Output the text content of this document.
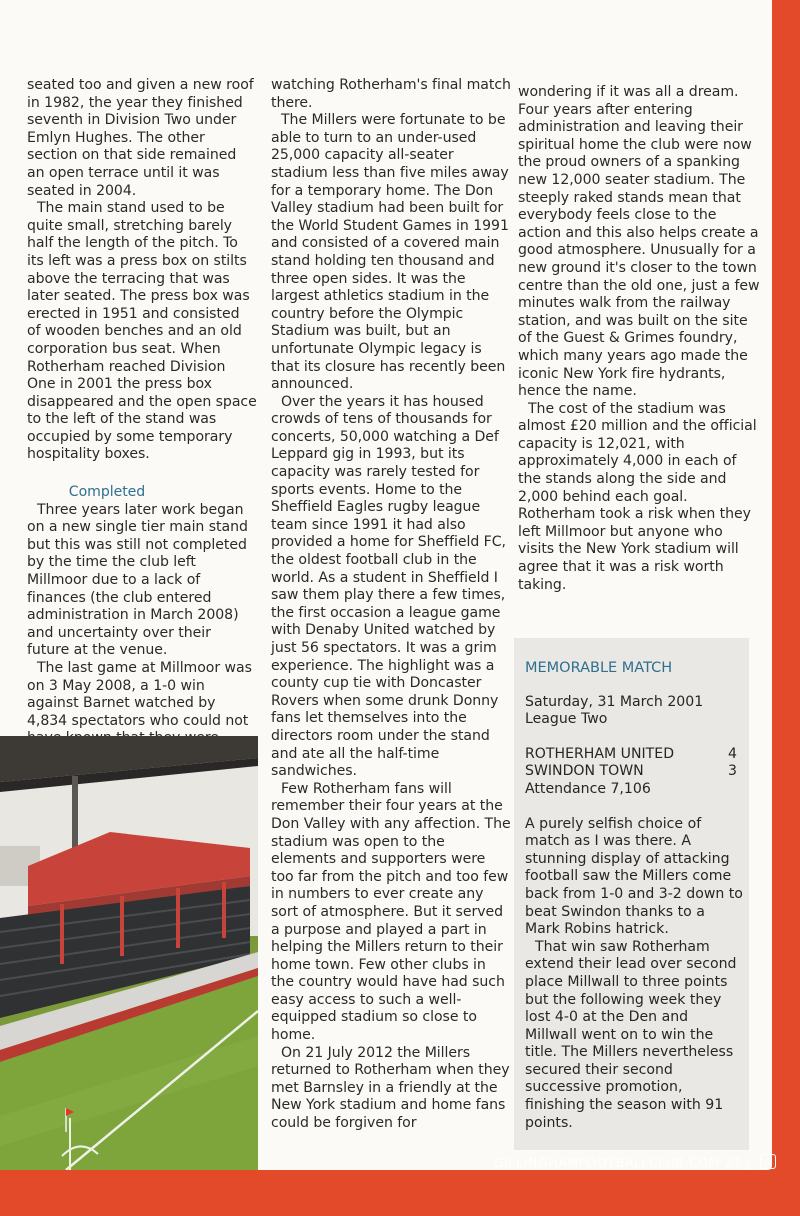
seated too and given a new roof in 1982, the year they finished seventh in Division Two under Emlyn Hughes. The other section on that side remained an open terrace until it was seated in 2004.

The main stand used to be quite small, stretching barely half the length of the pitch. To its left was a press box on stilts above the terracing that was later seated. The press box was erected in 1951 and consisted of wooden benches and an old corporation bus seat. When Rotherham reached Division One in 2001 the press box disappeared and the open space to the left of the stand was occupied by some temporary hospitality boxes.

Completed

Three years later work began on a new single tier main stand but this was still not completed by the time the club left Millmoor due to a lack of finances (the club entered administration in March 2008) and uncertainty over their future at the venue.

The last game at Millmoor was on 3 May 2008, a 1-0 win against Barnet watched by 4,834 spectators who could not

watching Rotherham's final match there.

The Millers were fortunate to be able to turn to an under-used 25,000 capacity all-seater stadium less than five miles away for a temporary home. The Don Valley stadium had been built for the World Student Games in 1991 and consisted of a covered main stand holding ten thousand and three open sides. It was the largest athletics stadium in the country before the Olympic Stadium was built, but an unfortunate Olympic legacy is that its closure has recently been announced.

Over the years it has housed crowds of tens of thousands for concerts, 50,000 watching a Def Leppard gig in 1993, but its capacity was rarely tested for sports events. Home to the Sheffield Eagles rugby league team since 1991 it had also provided a home for Sheffield FC, the oldest football club in the world. As a student in Sheffield I saw them play there a few times, the first occasion a league game with Denaby United watched by just 56 spectators. It was a grim experience. The highlight was a county cup tie with Doncaster Rovers when some drunk Donny fans let themselves into the directors room under the stand and ate all the half-time sandwiches.

Few Rotherham fans will remember their four years at the Don Valley with any affection. The stadium was open to the elements and supporters were too far from the pitch and too few in numbers to ever create any sort of atmosphere. But it served a purpose and played a part in helping the Millers return to their home town. Few other clubs in the country would have had such easy access to such a well-equipped stadium so close to home.

On 21 July 2012 the Millers returned to Rotherham when they met Barnsley in a friendly at the New York stadium and home fans could be forgiven for

wondering if it was all a dream. Four years after entering administration and leaving their spiritual home the club were now the proud owners of a spanking new 12,000 seater stadium. The steeply raked stands mean that everybody feels close to the action and this also helps create a good atmosphere. Unusually for a new ground it's closer to the town centre than the old one, just a few minutes walk from the railway station, and was built on the site of the Guest & Grimes foundry, which many years ago made the iconic New York fire hydrants, hence the name.

The cost of the stadium was almost £20 million and the official capacity is 12,021, with approximately 4,000 in each of the stands along the side and 2,000 behind each goal. Rotherham took a risk when they left Millmoor but anyone who visits the New York stadium will agree that it was a risk worth taking.

MEMORABLE MATCH

Saturday, 31 March 2001

League Two

ROTHERHAM UNITED	4
SWINDON TOWN	3

Attendance 7,106

A purely selfish choice of match as I was there. A stunning display of attacking football saw the Millers come back from 1-0 and 3-2 down to beat Swindon thanks to a Mark Robins hatrick.

That win saw Rotherham extend their lead over second place Millwall to three points but the following week they lost 4-0 at the Den and Millwall went on to win the title. The Millers nevertheless secured their second successive promotion, finishing the season with 91 points.

GILLINGHAMFOOTBALLCLUB.COM 27 |
